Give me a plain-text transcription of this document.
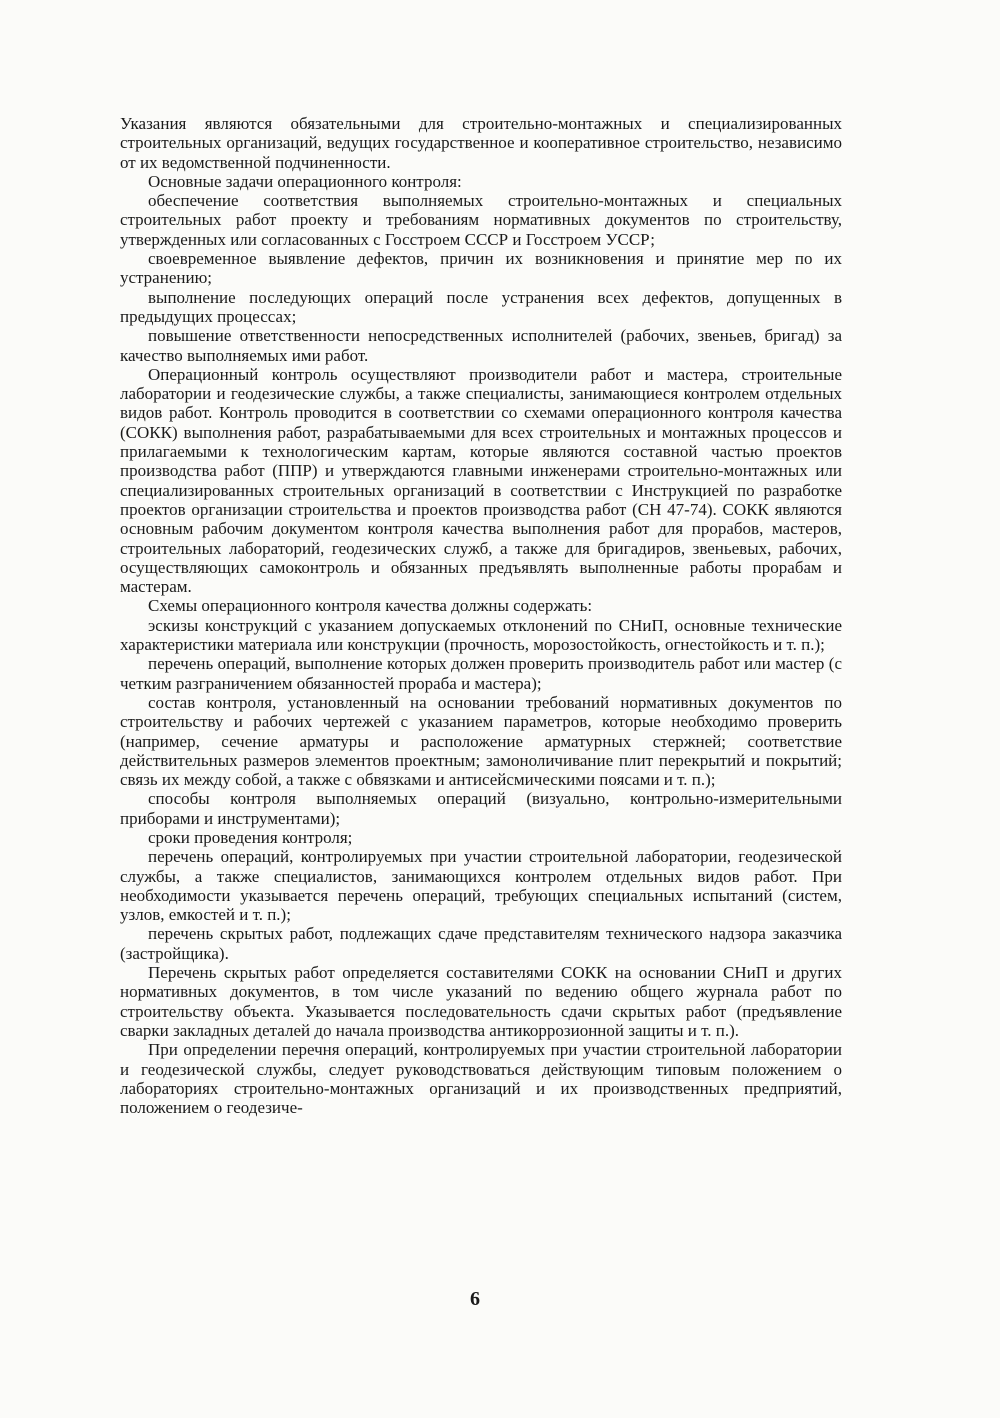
Указания являются обязательными для строительно-монтажных и специализированных строительных организаций, ведущих государственное и кооперативное строительство, независимо от их ведомственной подчиненности.

Основные задачи операционного контроля:

обеспечение соответствия выполняемых строительно-монтажных и специальных строительных работ проекту и требованиям нормативных документов по строительству, утвержденных или согласованных с Госстроем СССР и Госстроем УССР;

своевременное выявление дефектов, причин их возникновения и принятие мер по их устранению;

выполнение последующих операций после устранения всех дефектов, допущенных в предыдущих процессах;

повышение ответственности непосредственных исполнителей (рабочих, звеньев, бригад) за качество выполняемых ими работ.

Операционный контроль осуществляют производители работ и мастера, строительные лаборатории и геодезические службы, а также специалисты, занимающиеся контролем отдельных видов работ. Контроль проводится в соответствии со схемами операционного контроля качества (СОКК) выполнения работ, разрабатываемыми для всех строительных и монтажных процессов и прилагаемыми к технологическим картам, которые являются составной частью проектов производства работ (ППР) и утверждаются главными инженерами строительно-монтажных или специализированных строительных организаций в соответствии с Инструкцией по разработке проектов организации строительства и проектов производства работ (СН 47-74). СОКК являются основным рабочим документом контроля качества выполнения работ для прорабов, мастеров, строительных лабораторий, геодезических служб, а также для бригадиров, звеньевых, рабочих, осуществляющих самоконтроль и обязанных предъявлять выполненные работы прорабам и мастерам.

Схемы операционного контроля качества должны содержать:

эскизы конструкций с указанием допускаемых отклонений по СНиП, основные технические характеристики материала или конструкции (прочность, морозостойкость, огнестойкость и т. п.);

перечень операций, выполнение которых должен проверить производитель работ или мастер (с четким разграничением обязанностей прораба и мастера);

состав контроля, установленный на основании требований нормативных документов по строительству и рабочих чертежей с указанием параметров, которые необходимо проверить (например, сечение арматуры и расположение арматурных стержней; соответствие действительных размеров элементов проектным; замоноличивание плит перекрытий и покрытий; связь их между собой, а также с обвязками и антисейсмическими поясами и т. п.);

способы контроля выполняемых операций (визуально, контрольно-измерительными приборами и инструментами);

сроки проведения контроля;

перечень операций, контролируемых при участии строительной лаборатории, геодезической службы, а также специалистов, занимающихся контролем отдельных видов работ. При необходимости указывается перечень операций, требующих специальных испытаний (систем, узлов, емкостей и т. п.);

перечень скрытых работ, подлежащих сдаче представителям технического надзора заказчика (застройщика).

Перечень скрытых работ определяется составителями СОКК на основании СНиП и других нормативных документов, в том числе указаний по ведению общего журнала работ по строительству объекта. Указывается последовательность сдачи скрытых работ (предъявление сварки закладных деталей до начала производства антикоррозионной защиты и т. п.).

При определении перечня операций, контролируемых при участии строительной лаборатории и геодезической службы, следует руководствоваться действующим типовым положением о лабораториях строительно-монтажных организаций и их производственных предприятий, положением о геодезиче-

6
